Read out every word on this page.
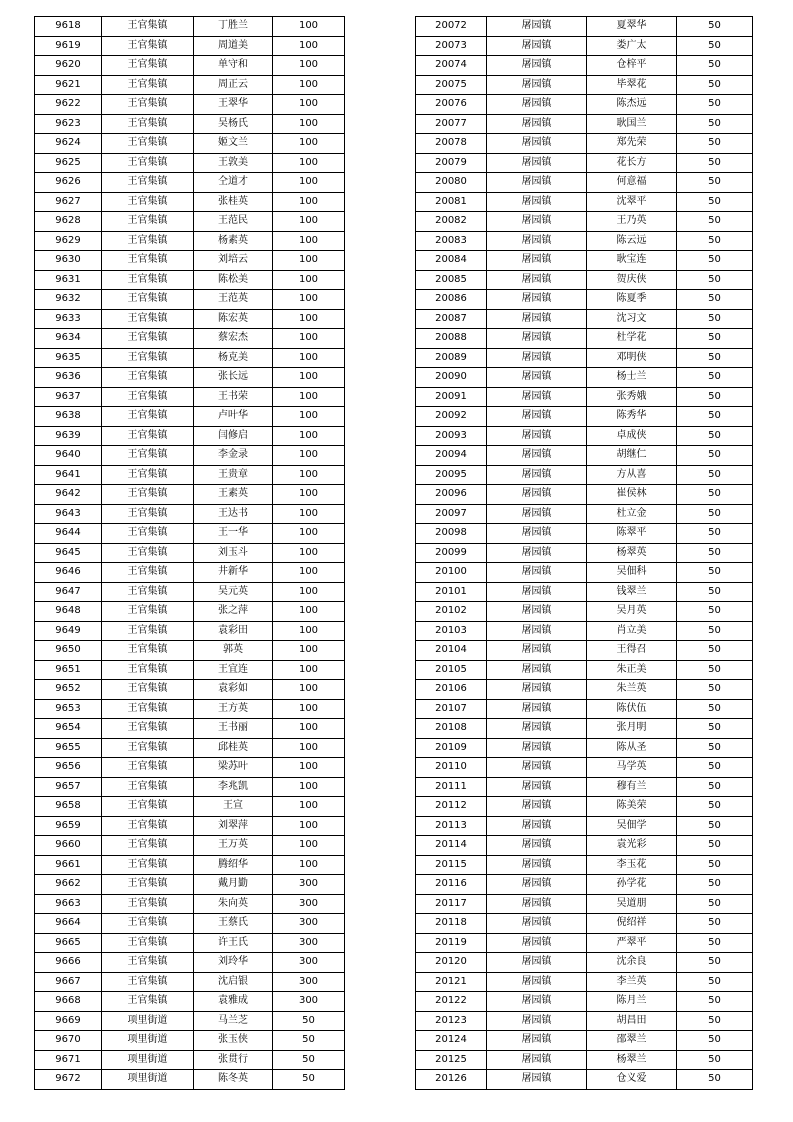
9618	王官集镇	丁胜兰	100
9619	王官集镇	周道美	100
9620	王官集镇	单守和	100
9621	王官集镇	周正云	100
9622	王官集镇	王翠华	100
9623	王官集镇	吴杨氏	100
9624	王官集镇	姬文兰	100
9625	王官集镇	王敦美	100
9626	王官集镇	仝道才	100
9627	王官集镇	张桂英	100
9628	王官集镇	王范民	100
9629	王官集镇	杨素英	100
9630	王官集镇	刘培云	100
9631	王官集镇	陈松美	100
9632	王官集镇	王范英	100
9633	王官集镇	陈宏英	100
9634	王官集镇	蔡宏杰	100
9635	王官集镇	杨克美	100
9636	王官集镇	张长远	100
9637	王官集镇	王书荣	100
9638	王官集镇	卢叶华	100
9639	王官集镇	闫修启	100
9640	王官集镇	李金录	100
9641	王官集镇	王贵章	100
9642	王官集镇	王素英	100
9643	王官集镇	王达书	100
9644	王官集镇	王一华	100
9645	王官集镇	刘玉斗	100
9646	王官集镇	井新华	100
9647	王官集镇	吴元英	100
9648	王官集镇	张之萍	100
9649	王官集镇	袁彩田	100
9650	王官集镇	郭英	100
9651	王官集镇	王宜连	100
9652	王官集镇	袁彩如	100
9653	王官集镇	王方英	100
9654	王官集镇	王书丽	100
9655	王官集镇	邱桂英	100
9656	王官集镇	梁苏叶	100
9657	王官集镇	李兆凯	100
9658	王官集镇	王宣	100
9659	王官集镇	刘翠萍	100
9660	王官集镇	王万英	100
9661	王官集镇	腾绍华	100
9662	王官集镇	戴月勤	300
9663	王官集镇	朱向英	300
9664	王官集镇	王蔡氏	300
9665	王官集镇	许王氏	300
9666	王官集镇	刘玲华	300
9667	王官集镇	沈启银	300
9668	王官集镇	袁雅成	300
9669	项里街道	马兰芝	50
9670	项里街道	张玉侠	50
9671	项里街道	张贯行	50
9672	项里街道	陈冬英	50
20072	屠园镇	夏翠华	50
20073	屠园镇	娄广太	50
20074	屠园镇	仓梓平	50
20075	屠园镇	毕翠花	50
20076	屠园镇	陈杰远	50
20077	屠园镇	耿国兰	50
20078	屠园镇	郑先荣	50
20079	屠园镇	花长方	50
20080	屠园镇	何意福	50
20081	屠园镇	沈翠平	50
20082	屠园镇	王乃英	50
20083	屠园镇	陈云远	50
20084	屠园镇	耿宝连	50
20085	屠园镇	贺庆侠	50
20086	屠园镇	陈夏季	50
20087	屠园镇	沈习文	50
20088	屠园镇	杜学花	50
20089	屠园镇	邓明侠	50
20090	屠园镇	杨士兰	50
20091	屠园镇	张秀娥	50
20092	屠园镇	陈秀华	50
20093	屠园镇	卓成侠	50
20094	屠园镇	胡继仁	50
20095	屠园镇	方从喜	50
20096	屠园镇	崔侯林	50
20097	屠园镇	杜立金	50
20098	屠园镇	陈翠平	50
20099	屠园镇	杨翠英	50
20100	屠园镇	吴佃科	50
20101	屠园镇	钱翠兰	50
20102	屠园镇	吴月英	50
20103	屠园镇	肖立美	50
20104	屠园镇	王得召	50
20105	屠园镇	朱正美	50
20106	屠园镇	朱兰英	50
20107	屠园镇	陈伏伍	50
20108	屠园镇	张月明	50
20109	屠园镇	陈从圣	50
20110	屠园镇	马学英	50
20111	屠园镇	穆有兰	50
20112	屠园镇	陈美荣	50
20113	屠园镇	吴佃学	50
20114	屠园镇	袁光彩	50
20115	屠园镇	李玉花	50
20116	屠园镇	孙学花	50
20117	屠园镇	吴道朋	50
20118	屠园镇	倪绍祥	50
20119	屠园镇	严翠平	50
20120	屠园镇	沈余良	50
20121	屠园镇	李兰英	50
20122	屠园镇	陈月兰	50
20123	屠园镇	胡昌田	50
20124	屠园镇	邵翠兰	50
20125	屠园镇	杨翠兰	50
20126	屠园镇	仓义爱	50
